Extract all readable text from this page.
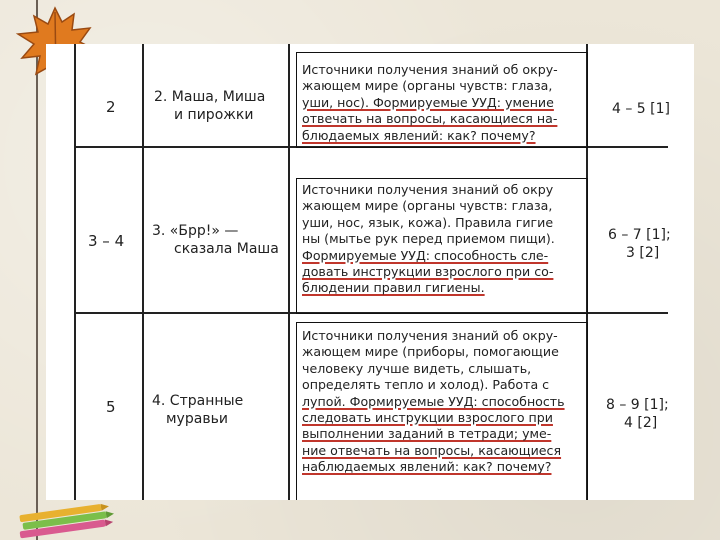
2
2. Маша, Миша
и пирожки
Источники получения знаний об окру-
жающем мире (органы чувств: глаза,
уши, нос). Формируемые УУД: умение
отвечать на вопросы, касающиеся на-
блюдаемых явлений: как? почему?
4 – 5 [1]
3 – 4
3. «Брр!» —
сказала Маша
Источники получения знаний об окру
жающем мире (органы чувств: глаза,
уши, нос, язык, кожа). Правила гигие
ны (мытье рук перед приемом пищи).
Формируемые УУД: способность сле-
довать инструкции взрослого при со-
блюдении правил гигиены.
6 – 7 [1];
3 [2]
5	4. Странные
муравьи
Источники получения знаний об окру-
жающем мире (приборы, помогающие
человеку лучше видеть, слышать,
определять тепло и холод). Работа с
лупой. Формируемые УУД: способность
следовать инструкции взрослого при
выполнении заданий в тетради; уме-
ние отвечать на вопросы, касающиеся
наблюдаемых явлений: как? почему?
8 – 9 [1];
4 [2]
